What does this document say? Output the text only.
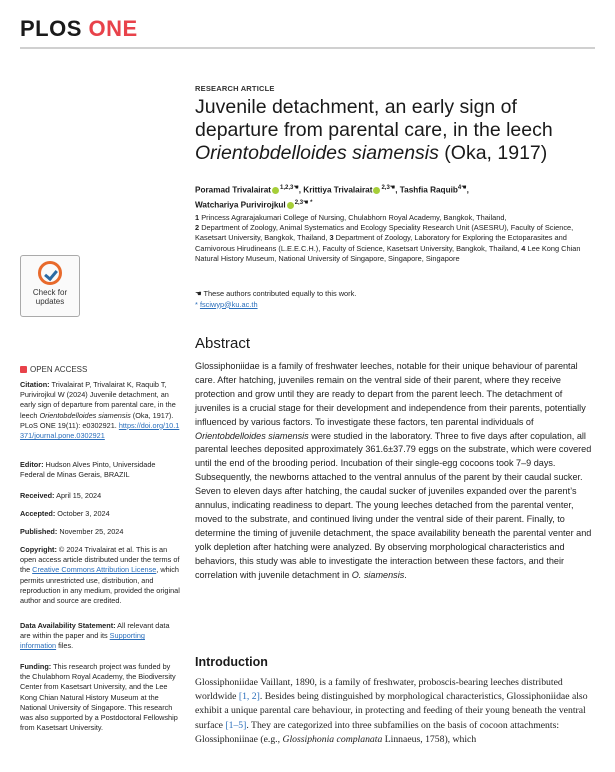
PLOS ONE
Check for
updates
OPEN ACCESS
Citation: Trivalairat P, Trivalairat K, Raquib T, Purivirojkul W (2024) Juvenile detachment, an early sign of departure from parental care, in the leech Orientobdelloides siamensis (Oka, 1917). PLoS ONE 19(11): e0302921. https://doi.org/10.1371/journal.pone.0302921
Editor: Hudson Alves Pinto, Universidade Federal de Minas Gerais, BRAZIL
Received: April 15, 2024
Accepted: October 3, 2024
Published: November 25, 2024
Copyright: © 2024 Trivalairat et al. This is an open access article distributed under the terms of the Creative Commons Attribution License, which permits unrestricted use, distribution, and reproduction in any medium, provided the original author and source are credited.
Data Availability Statement: All relevant data are within the paper and its Supporting information files.
Funding: This research project was funded by the Chulabhorn Royal Academy, the Biodiversity Center from Kasetsart University, and the Lee Kong Chian Natural History Museum at the National University of Singapore. This research was also supported by a Postdoctoral Fellowship from Kasetsart University.
RESEARCH ARTICLE
Juvenile detachment, an early sign of
departure from parental care, in the leech
Orientobdelloides siamensis (Oka, 1917)
Poramad Trivalairat $^{1,2,3☚}$, Krittiya Trivalairat $^{2,3☚}$, Tashfia Raquib$^{4☚}$,
Watchariya Purivirojkul $^{2,3☚ *}$
1 Princess Agrarajakumari College of Nursing, Chulabhorn Royal Academy, Bangkok, Thailand,
2 Department of Zoology, Animal Systematics and Ecology Speciality Research Unit (ASESRU), Faculty of Science, Kasetsart University, Bangkok, Thailand, 3 Department of Zoology, Laboratory for Exploring the Ectoparasites and Carnivorous Hirudineans (L.E.E.C.H.), Faculty of Science, Kasetsart University, Bangkok, Thailand, 4 Lee Kong Chian Natural History Museum, National University of Singapore, Singapore, Singapore
☚ These authors contributed equally to this work.
* fsciwyp@ku.ac.th
Abstract
Glossiphoniidae is a family of freshwater leeches, notable for their unique behaviour of parental care. After hatching, juveniles remain on the ventral side of their parent, where they receive protection and grow until they are ready to depart from the parent leech. The detachment of juveniles is a crucial stage for their development and independence from their parents, potentially influenced by various factors. To investigate these factors, ten parental individuals of Orientobdelloides siamensis were studied in the laboratory. Three to five days after copulation, all parental leeches deposited approximately 361.6±37.79 eggs on the substrate, which were covered until the end of the brooding period. Incubation of their single-egg cocoons took 7–9 days. Subsequently, the newborns attached to the ventral annulus of the parent by their caudal sucker. Seven to eleven days after hatching, the caudal sucker of juveniles expanded over the parent’s annulus, indicating readiness to depart. The young leeches detached from the parental venter, moved to the substrate, and continued living under the ventral side of their parent. Finally, to determine the timing of juvenile detachment, the space availability beneath the parental venter and yolk depletion after hatching were analyzed. By observing morphological characteristics and behaviors, this study was able to investigate the interaction between these factors, and their correlation with juvenile detachment in O. siamensis.
Introduction
Glossiphoniidae Vaillant, 1890, is a family of freshwater, proboscis-bearing leeches distributed worldwide [1, 2]. Besides being distinguished by morphological characteristics, Glossiphoniidae also exhibit a unique parental care behaviour, in protecting and feeding of their young beneath the ventral surface [1–5]. They are categorized into three subfamilies on the basis of cocoon attachments: Glossiphoniinae (e.g., Glossiphonia complanata Linnaeus, 1758), which
